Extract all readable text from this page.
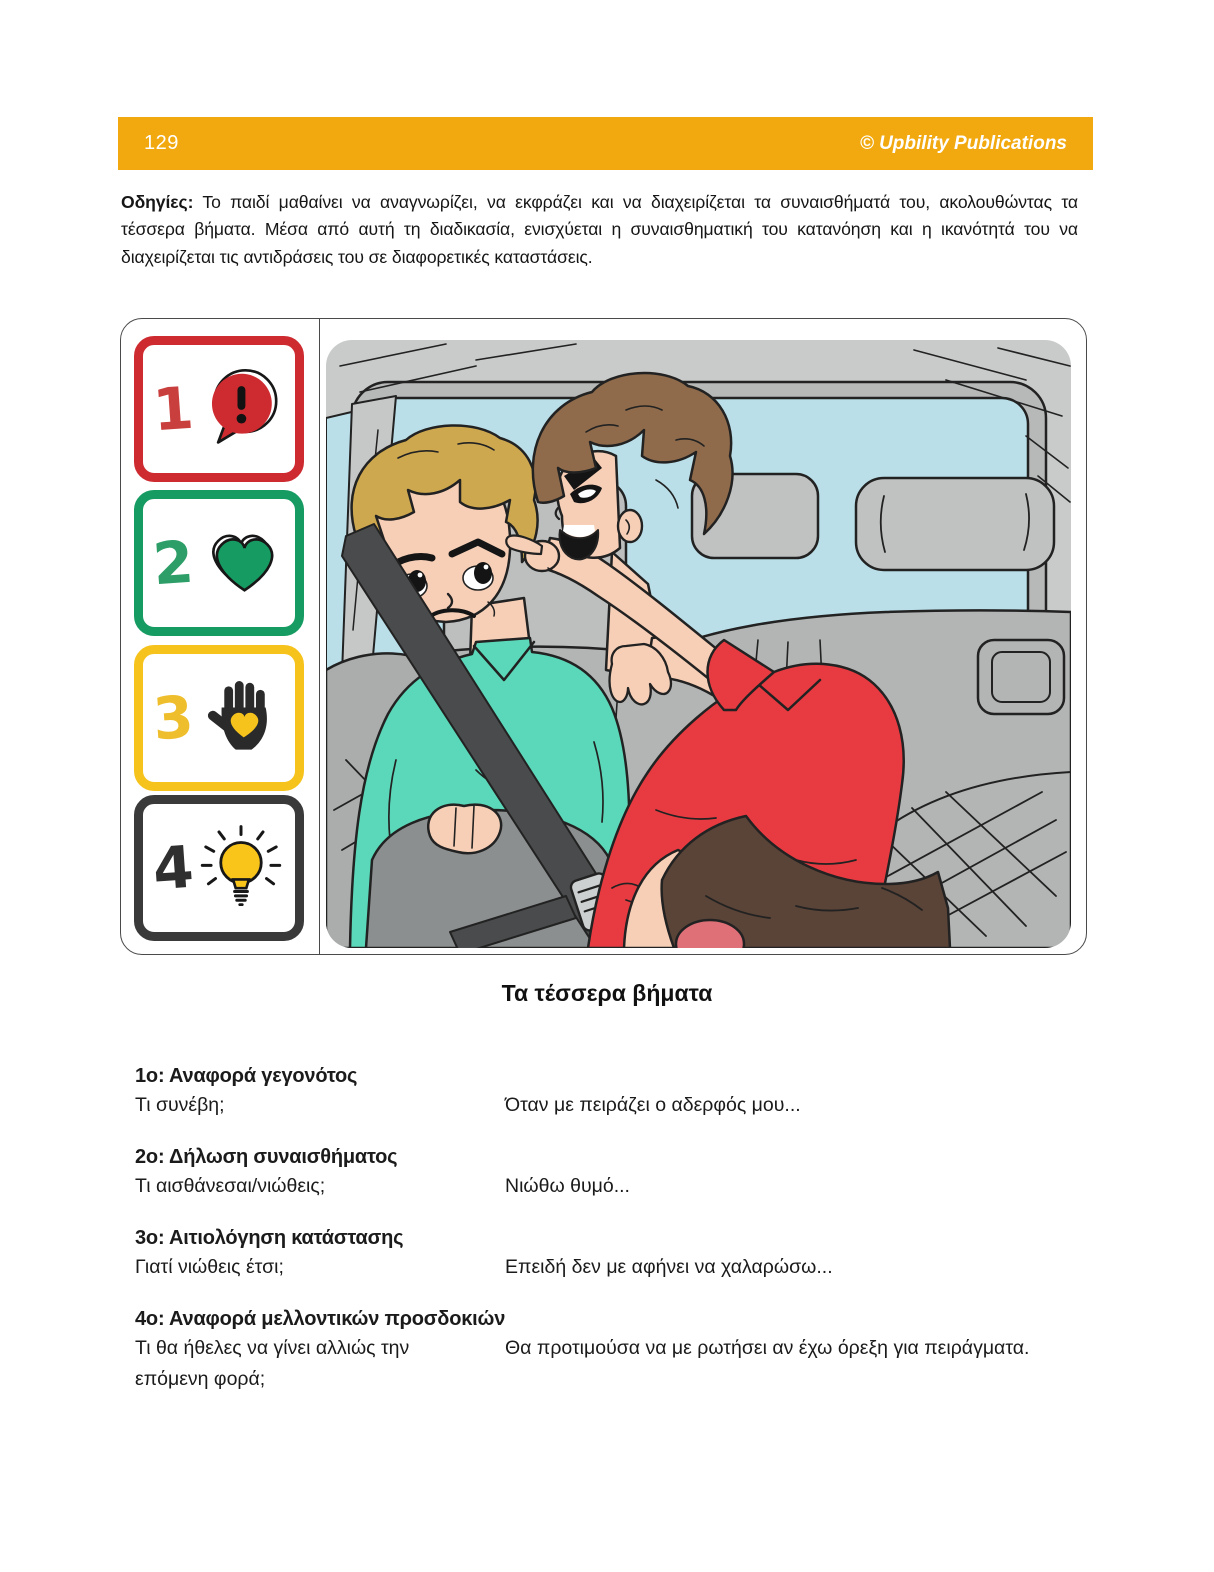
129	© Upbility Publications

Οδηγίες: Το παιδί μαθαίνει να αναγνωρίζει, να εκφράζει και να διαχειρίζεται τα συναισθήματά του, ακολουθώντας τα τέσσερα βήματα. Μέσα από αυτή τη διαδικασία, ενισχύεται η συναισθηματική του κατανόηση και η ικανότητά του να διαχειρίζεται τις αντιδράσεις του σε διαφορετικές καταστάσεις.

1
2
3
4
Τα τέσσερα βήματα
1ο: Αναφορά γεγονότος
Τι συνέβη;	Όταν με πειράζει ο αδερφός μου...
2ο: Δήλωση συναισθήματος
Τι αισθάνεσαι/νιώθεις;	Νιώθω θυμό...
3ο: Αιτιολόγηση κατάστασης
Γιατί νιώθεις έτσι;	Επειδή δεν με αφήνει να χαλαρώσω...
4ο: Αναφορά μελλοντικών προσδοκιών
Τι θα ήθελες να γίνει αλλιώς την επόμενη φορά;
Θα προτιμούσα να με ρωτήσει αν έχω όρεξη για πειράγματα.
